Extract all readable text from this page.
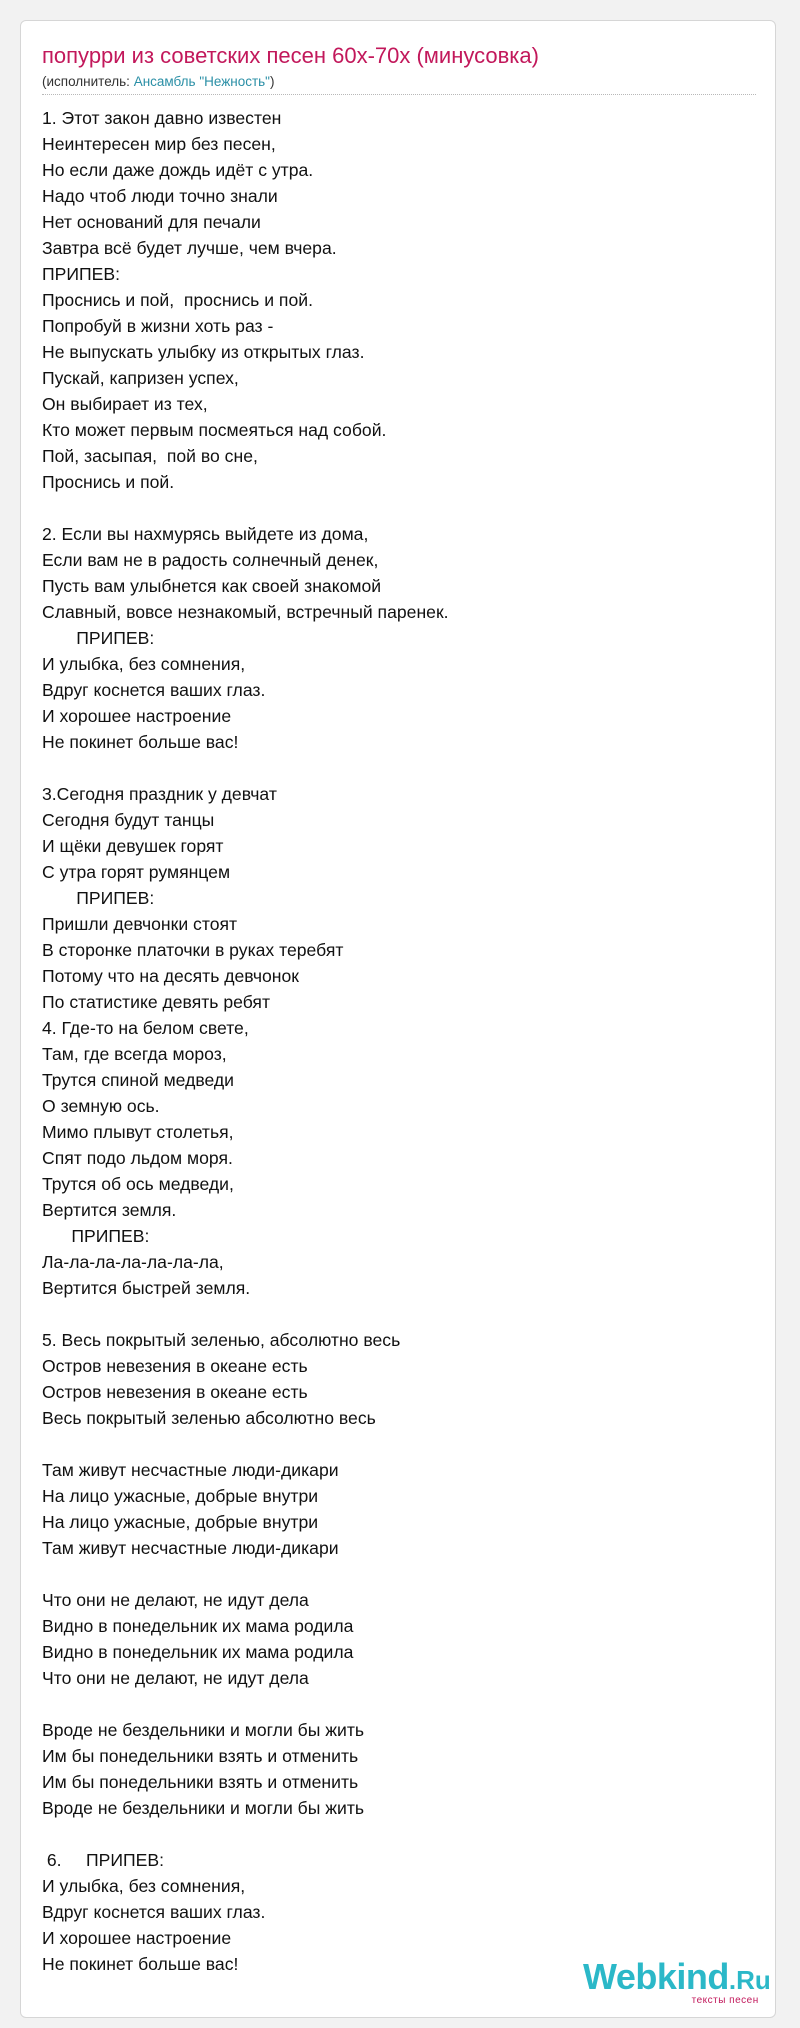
попурри из советских песен 60х-70х (минусовка)
(исполнитель: Ансамбль "Нежность")
1. Этот закон давно известен
Неинтересен мир без песен,
Но если даже дождь идёт с утра.
Надо чтоб люди точно знали
Нет оснований для печали
Завтра всё будет лучше, чем вчера.
ПРИПЕВ:
Проснись и пой,  проснись и пой.
Попробуй в жизни хоть раз -
Не выпускать улыбку из открытых глаз.
Пускай, капризен успех,
Он выбирает из тех,
Кто может первым посмеяться над собой.
Пой, засыпая,  пой во сне,
Проснись и пой.

2. Если вы нахмурясь выйдете из дома,
Если вам не в радость солнечный денек,
Пусть вам улыбнется как своей знакомой
Славный, вовсе незнакомый, встречный паренек.
ПРИПЕВ:
И улыбка, без сомнения,
Вдруг коснется ваших глаз.
И хорошее настроение
Не покинет больше вас!

3.Сегодня праздник у девчат
Сегодня будут танцы
И щёки девушек горят
С утра горят румянцем
ПРИПЕВ:
Пришли девчонки стоят
В сторонке платочки в руках теребят
Потому что на десять девчонок
По статистике девять ребят
4. Где-то на белом свете,
Там, где всегда мороз,
Трутся спиной медведи
О земную ось.
Мимо плывут столетья,
Спят подо льдом моря.
Трутся об ось медведи,
Вертится земля.
ПРИПЕВ:
Ла-ла-ла-ла-ла-ла-ла,
Вертится быстрей земля.

5. Весь покрытый зеленью, абсолютно весь
Остров невезения в океане есть
Остров невезения в океане есть
Весь покрытый зеленью абсолютно весь

Там живут несчастные люди-дикари
На лицо ужасные, добрые внутри
На лицо ужасные, добрые внутри
Там живут несчастные люди-дикари

Что они не делают, не идут дела
Видно в понедельник их мама родила
Видно в понедельник их мама родила
Что они не делают, не идут дела

Вроде не бездельники и могли бы жить
Им бы понедельники взять и отменить
Им бы понедельники взять и отменить
Вроде не бездельники и могли бы жить

6.     ПРИПЕВ:
И улыбка, без сомнения,
Вдруг коснется ваших глаз.
И хорошее настроение
Не покинет больше вас!	Webkind.Ru
тексты песен
